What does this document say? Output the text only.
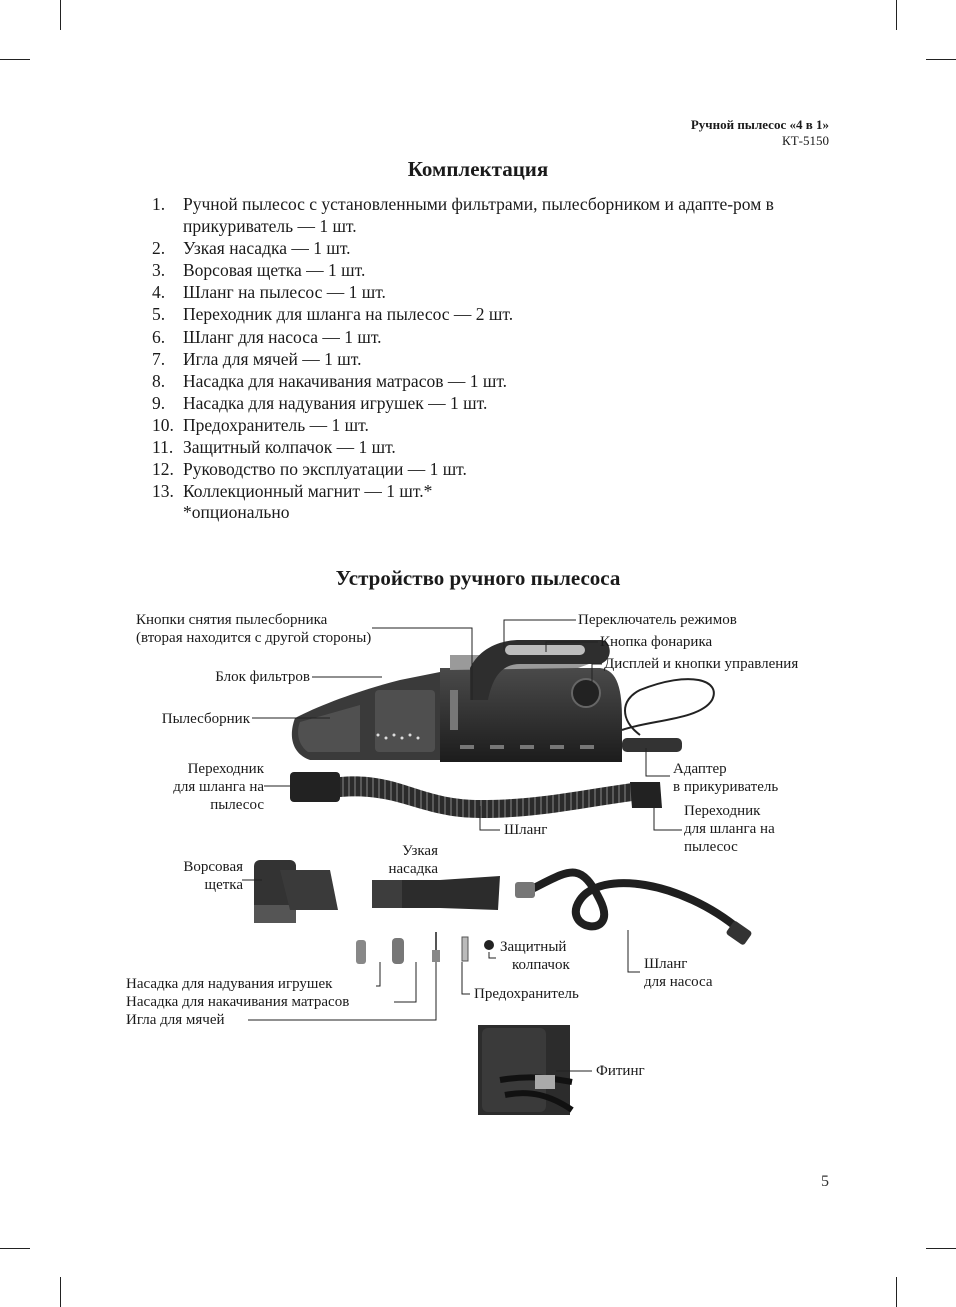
Ручной пылесос «4 в 1»
КТ-5150
Комплектация
1. Ручной пылесос с установленными фильтрами, пылесборником и адапте-ром в прикуриватель — 1 шт.
2. Узкая насадка — 1 шт.
3. Ворсовая щетка — 1 шт.
4. Шланг на пылесос — 1 шт.
5. Переходник для шланга на пылесос — 2 шт.
6. Шланг для насоса — 1 шт.
7. Игла для мячей — 1 шт.
8. Насадка для накачивания матрасов — 1 шт.
9. Насадка для надувания игрушек — 1 шт.
10. Предохранитель — 1 шт.
11. Защитный колпачок — 1 шт.
12. Руководство по эксплуатации — 1 шт.
13. Коллекционный магнит — 1 шт.*
*опционально
Устройство ручного пылесоса
Кнопки снятия пылесборника
(вторая находится с другой стороны)
Переключатель режимов
Кнопка фонарика
Дисплей и кнопки управления
Блок фильтров
Пылесборник
Переходник
для шланга на
пылесос
Адаптер
в прикуриватель
Переходник
для шланга на
пылесос
Шланг
Ворсовая
щетка
Узкая
насадка
Защитный
колпачок	Шланг
для насоса
Насадка для надувания игрушек
Насадка для накачивания матрасов
Игла для мячей
Предохранитель
Фитинг
5
